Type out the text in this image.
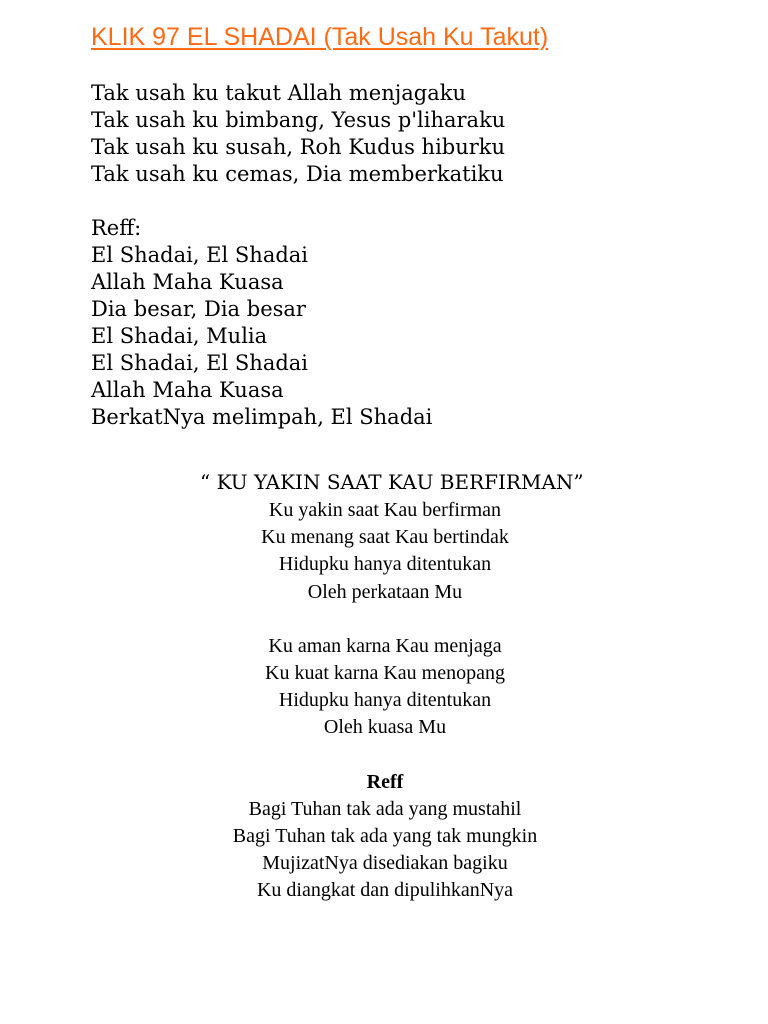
KLIK 97 EL SHADAI (Tak Usah Ku Takut)
Tak usah ku takut Allah menjagaku
Tak usah ku bimbang, Yesus p'liharaku
Tak usah ku susah, Roh Kudus hiburku
Tak usah ku cemas, Dia memberkatiku
Reff:
El Shadai, El Shadai
Allah Maha Kuasa
Dia besar, Dia besar
El Shadai, Mulia
El Shadai, El Shadai
Allah Maha Kuasa
BerkatNya melimpah, El Shadai
“ KU YAKIN SAAT KAU BERFIRMAN”
Ku yakin saat Kau berfirman
Ku menang saat Kau bertindak
Hidupku hanya ditentukan
Oleh perkataan Mu
Ku aman karna Kau menjaga
Ku kuat karna Kau menopang
Hidupku hanya ditentukan
Oleh kuasa Mu
Reff
Bagi Tuhan tak ada yang mustahil
Bagi Tuhan tak ada yang tak mungkin
MujizatNya disediakan bagiku
Ku diangkat dan dipulihkanNya
